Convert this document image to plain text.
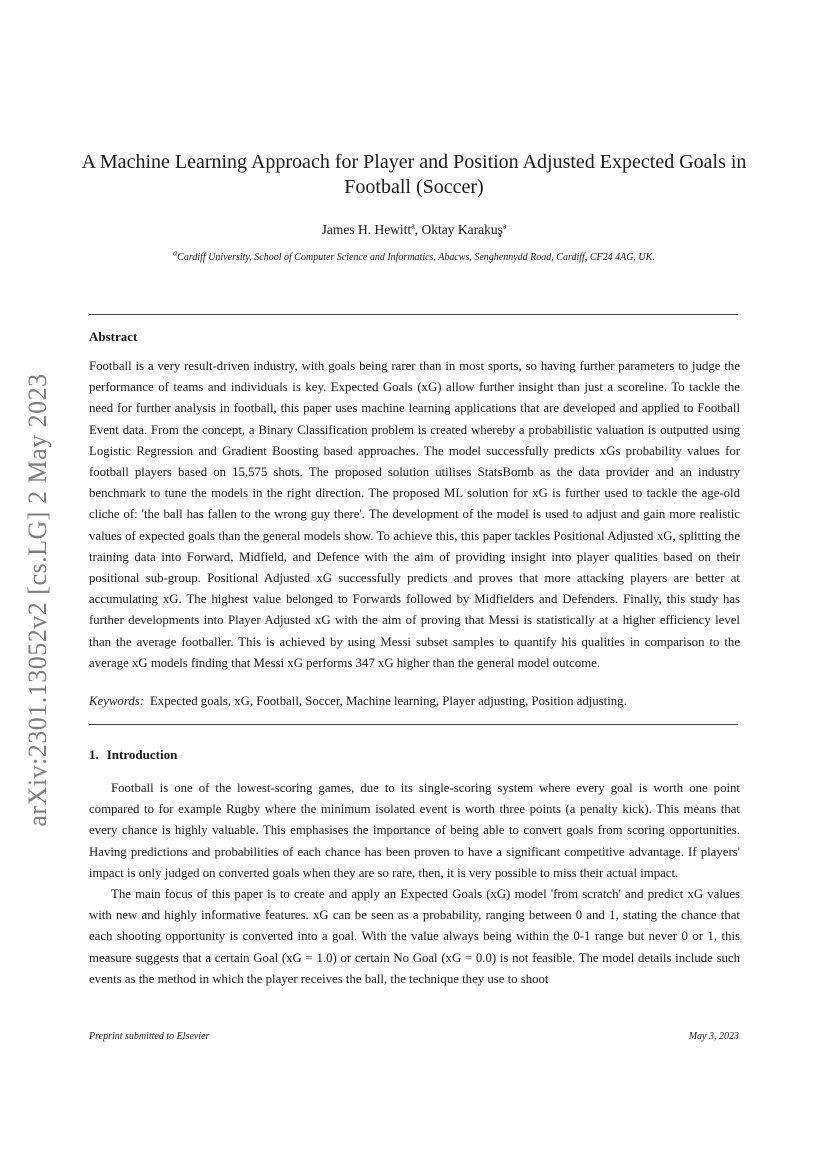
arXiv:2301.13052v2 [cs.LG] 2 May 2023
A Machine Learning Approach for Player and Position Adjusted Expected Goals in Football (Soccer)
James H. Hewitt$^a$, Oktay Karakuş$^a$
$^a$Cardiff University, School of Computer Science and Informatics, Abacws, Senghennydd Road, Cardiff, CF24 4AG, UK.
Abstract
Football is a very result-driven industry, with goals being rarer than in most sports, so having further parameters to judge the performance of teams and individuals is key. Expected Goals (xG) allow further insight than just a scoreline. To tackle the need for further analysis in football, this paper uses machine learning applications that are developed and applied to Football Event data. From the concept, a Binary Classification problem is created whereby a probabilistic valuation is outputted using Logistic Regression and Gradient Boosting based approaches. The model successfully predicts xGs probability values for football players based on 15,575 shots. The proposed solution utilises StatsBomb as the data provider and an industry benchmark to tune the models in the right direction. The proposed ML solution for xG is further used to tackle the age-old cliche of: 'the ball has fallen to the wrong guy there'. The development of the model is used to adjust and gain more realistic values of expected goals than the general models show. To achieve this, this paper tackles Positional Adjusted xG, splitting the training data into Forward, Midfield, and Defence with the aim of providing insight into player qualities based on their positional sub-group. Positional Adjusted xG successfully predicts and proves that more attacking players are better at accumulating xG. The highest value belonged to Forwards followed by Midfielders and Defenders. Finally, this study has further developments into Player Adjusted xG with the aim of proving that Messi is statistically at a higher efficiency level than the average footballer. This is achieved by using Messi subset samples to quantify his qualities in comparison to the average xG models finding that Messi xG performs 347 xG higher than the general model outcome.
Keywords: Expected goals, xG, Football, Soccer, Machine learning, Player adjusting, Position adjusting.
1. Introduction

Football is one of the lowest-scoring games, due to its single-scoring system where every goal is worth one point compared to for example Rugby where the minimum isolated event is worth three points (a penalty kick). This means that every chance is highly valuable. This emphasises the importance of being able to convert goals from scoring opportunities. Having predictions and probabilities of each chance has been proven to have a significant competitive advantage. If players' impact is only judged on converted goals when they are so rare, then, it is very possible to miss their actual impact.

The main focus of this paper is to create and apply an Expected Goals (xG) model 'from scratch' and predict xG values with new and highly informative features. xG can be seen as a probability, ranging between 0 and 1, stating the chance that each shooting opportunity is converted into a goal. With the value always being within the 0-1 range but never 0 or 1, this measure suggests that a certain Goal (xG = 1.0) or certain No Goal (xG = 0.0) is not feasible. The model details include such events as the method in which the player receives the ball, the technique they use to shoot

Preprint submitted to Elsevier	May 3, 2023
